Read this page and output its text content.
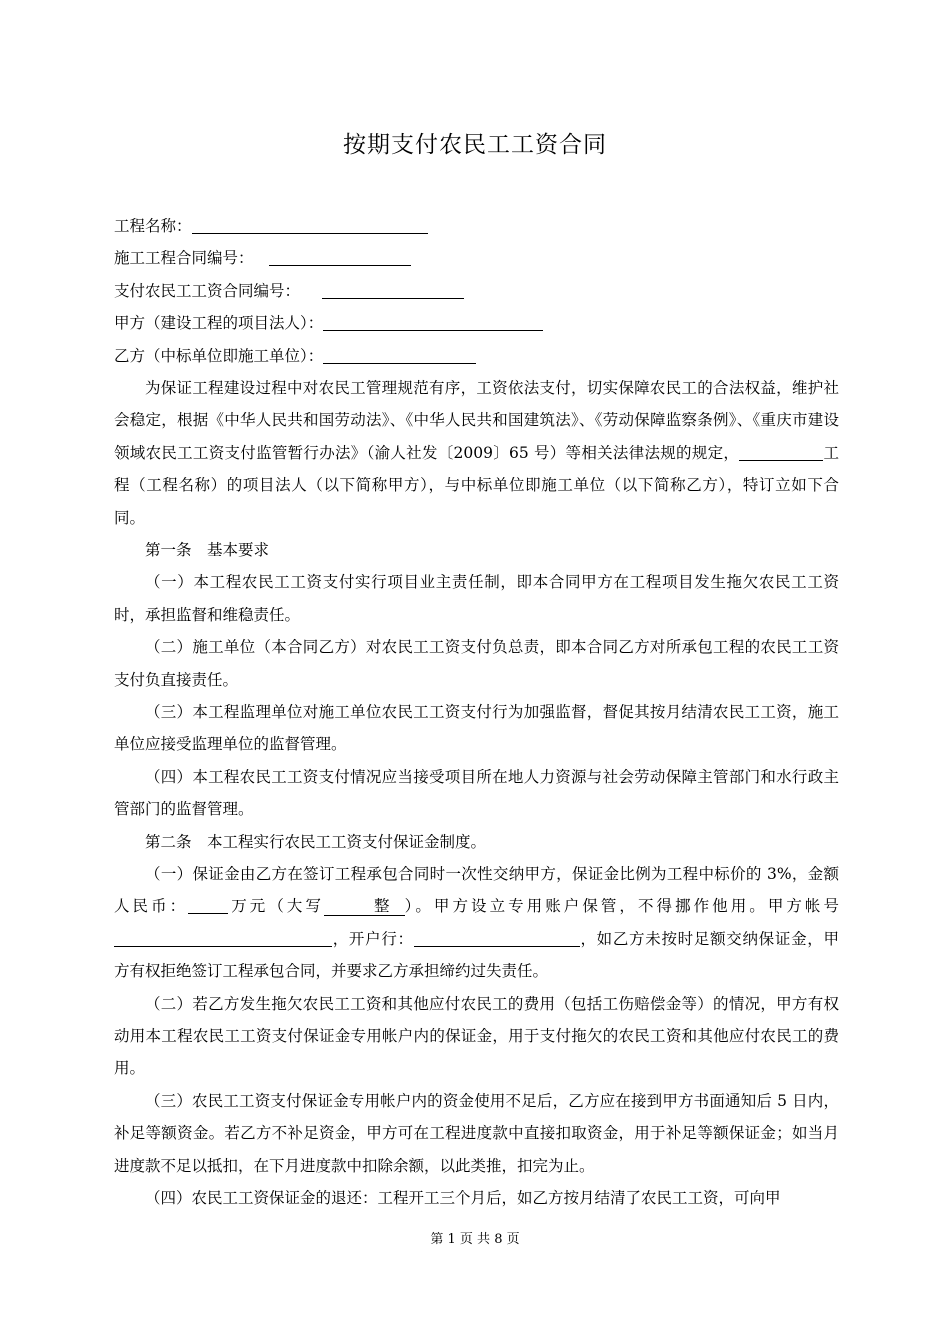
按期支付农民工工资合同
工程名称：
施工工程合同编号：
支付农民工工资合同编号：
甲方（建设工程的项目法人）：
乙方（中标单位即施工单位）：
为保证工程建设过程中对农民工管理规范有序，工资依法支付，切实保障农民工的合法权益，维护社会稳定，根据《中华人民共和国劳动法》、《中华人民共和国建筑法》、《劳动保障监察条例》、《重庆市建设领域农民工工资支付监管暂行办法》（渝人社发〔2009〕65 号）等相关法律法规的规定，	工程（工程名称）的项目法人（以下简称甲方），与中标单位即施工单位（以下简称乙方），特订立如下合同。
第一条　基本要求
（一）本工程农民工工资支付实行项目业主责任制，即本合同甲方在工程项目发生拖欠农民工工资时，承担监督和维稳责任。
（二）施工单位（本合同乙方）对农民工工资支付负总责，即本合同乙方对所承包工程的农民工工资支付负直接责任。
（三）本工程监理单位对施工单位农民工工资支付行为加强监督，督促其按月结清农民工工资，施工单位应接受监理单位的监督管理。
（四）本工程农民工工资支付情况应当接受项目所在地人力资源与社会劳动保障主管部门和水行政主管部门的监督管理。
第二条　本工程实行农民工工资支付保证金制度。
（一）保证金由乙方在签订工程承包合同时一次性交纳甲方，保证金比例为工程中标价的 3%，金额人民币：	万元（大写	整 ）。甲方设立专用账户保管，不得挪作他用。甲方帐号，开户行：	，如乙方未按时足额交纳保证金，甲方有权拒绝签订工程承包合同，并要求乙方承担缔约过失责任。
（二）若乙方发生拖欠农民工工资和其他应付农民工的费用（包括工伤赔偿金等）的情况，甲方有权动用本工程农民工工资支付保证金专用帐户内的保证金，用于支付拖欠的农民工资和其他应付农民工的费用。
（三）农民工工资支付保证金专用帐户内的资金使用不足后，乙方应在接到甲方书面通知后 5 日内，补足等额资金。若乙方不补足资金，甲方可在工程进度款中直接扣取资金，用于补足等额保证金；如当月进度款不足以抵扣，在下月进度款中扣除余额，以此类推，扣完为止。
（四）农民工工资保证金的退还：工程开工三个月后，如乙方按月结清了农民工工资，可向甲
第 1 页 共 8 页
